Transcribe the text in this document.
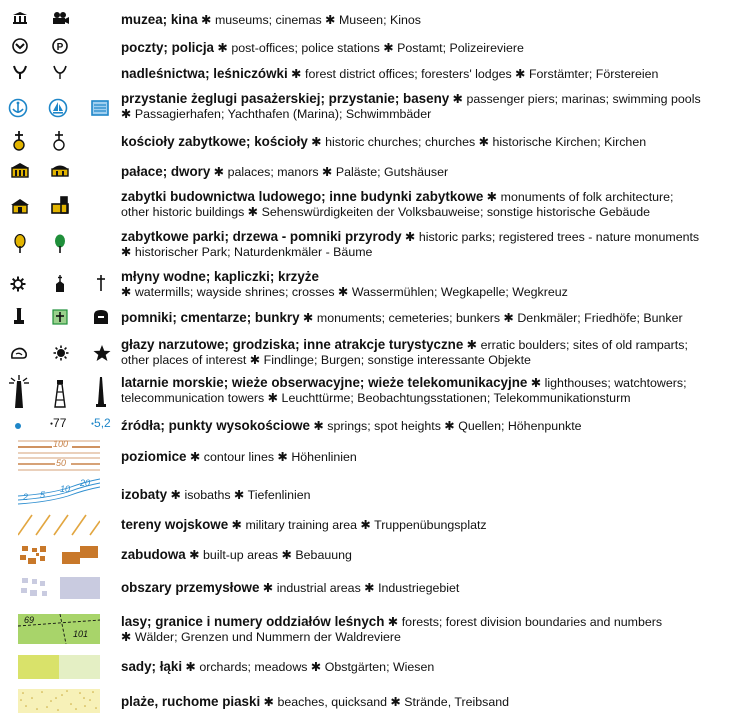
muzea; kina ✱ museums; cinemas ✱ Museen; Kinos
P	poczty; policja ✱ post-offices; police stations ✱ Postamt; Polizeireviere
nadleśnictwa; leśniczówki ✱ forest district offices; foresters' lodges ✱ Forstämter; Förstereien
przystanie żeglugi pasażerskiej; przystanie; baseny ✱ passenger piers; marinas; swimming pools
✱ Passagierhafen; Yachthafen (Marina); Schwimmbäder
kościoły zabytkowe; kościoły ✱ historic churches; churches ✱ historische Kirchen; Kirchen
pałace; dwory ✱ palaces; manors ✱ Paläste; Gutshäuser
zabytki budownictwa ludowego; inne budynki zabytkowe ✱ monuments of folk architecture;
other historic buildings ✱ Sehenswürdigkeiten der Volksbauweise; sonstige historische Gebäude
zabytkowe parki; drzewa - pomniki przyrody ✱ historic parks; registered trees - nature monuments
✱ historischer Park; Naturdenkmäler - Bäume
młyny wodne; kapliczki; krzyże
✱ watermills; wayside shrines; crosses ✱ Wassermühlen; Wegkapelle; Wegkreuz
pomniki; cmentarze; bunkry ✱ monuments; cemeteries; bunkers ✱ Denkmäler; Friedhöfe; Bunker
głazy narzutowe; grodziska; inne atrakcje turystyczne ✱ erratic boulders; sites of old ramparts;
other places of interest ✱ Findlinge; Burgen; sonstige interessante Objekte
latarnie morskie; wieże obserwacyjne; wieże telekomunikacyjne ✱ lighthouses; watchtowers;
telecommunication towers ✱ Leuchttürme; Beobachtungsstationen; Telekommunikationsturm
●77	●5,2 źródła; punkty wysokościowe ✱ springs; spot heights ✱ Quellen; Höhenpunkte
100
50	poziomice ✱ contour lines ✱ Höhenlinien
2 5
10
20
izobaty ✱ isobaths ✱ Tiefenlinien
tereny wojskowe ✱ military training area ✱ Truppenübungsplatz
zabudowa ✱ built-up areas ✱ Bebauung
obszary przemysłowe ✱ industrial areas ✱ Industriegebiet
69
101
lasy; granice i numery oddziałów leśnych ✱ forests; forest division boundaries and numbers
✱ Wälder; Grenzen und Nummern der Waldreviere
sady; łąki ✱ orchards; meadows ✱ Obstgärten; Wiesen
plaże, ruchome piaski ✱ beaches, quicksand ✱ Strände, Treibsand
